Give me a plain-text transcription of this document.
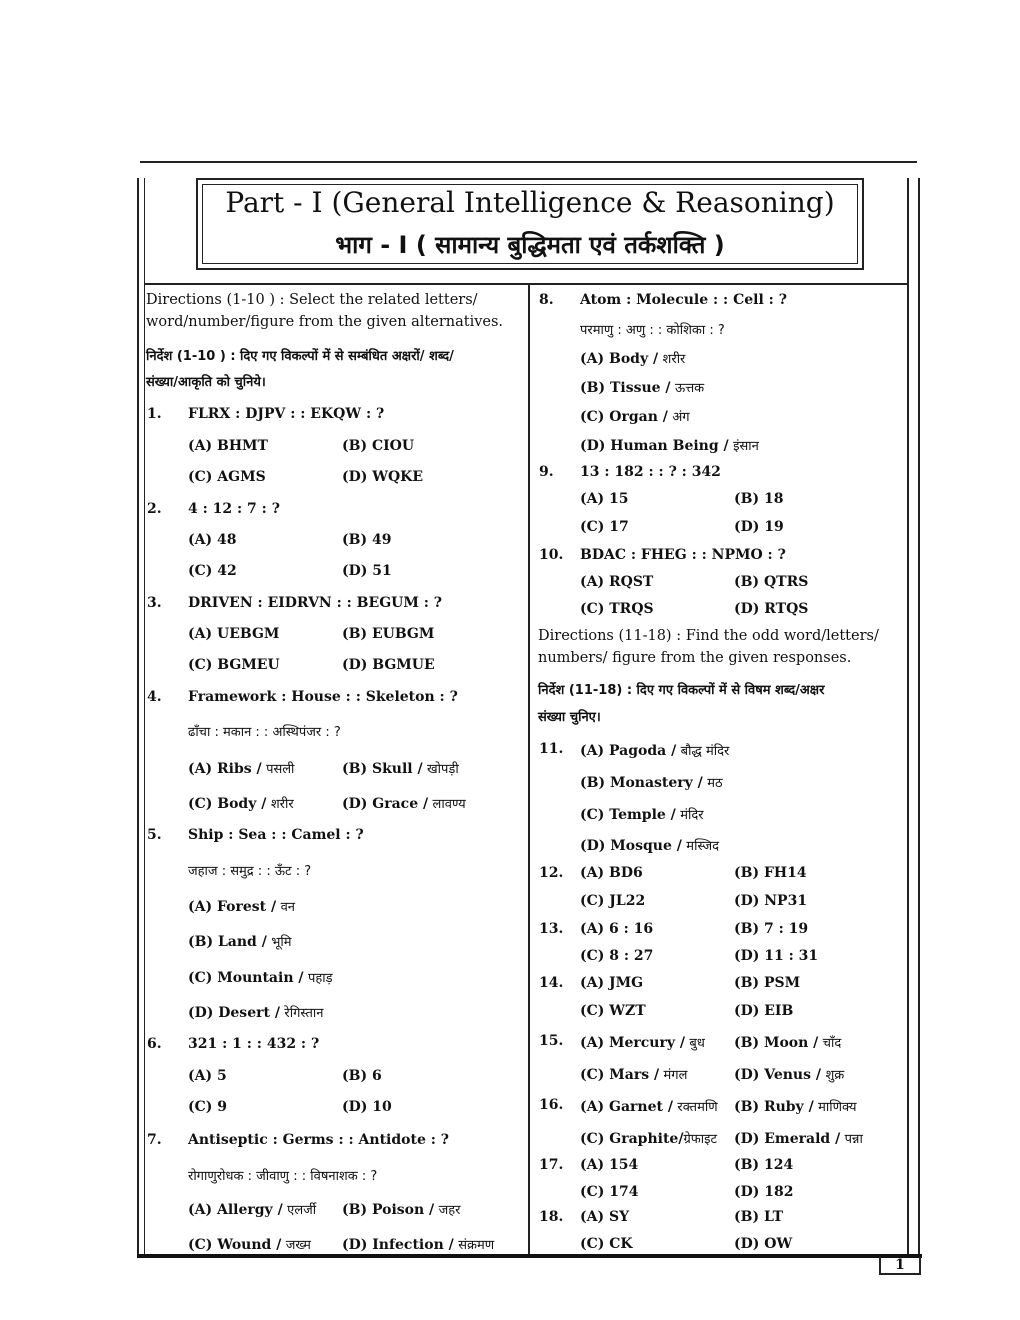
Part - I (General Intelligence & Reasoning)
भाग - I ( सामान्य बुद्धिमता एवं तर्कशक्ति )
1
Directions (1-10 ) : Select the related letters/
word/number/figure from the given alternatives.
निर्देश (1-10 ) : दिए गए विकल्पों में से सम्बंधित अक्षरों/ शब्द/
संख्या/आकृति को चुनिये।
1. FLRX : DJPV : : EKQW : ?
(A) BHMT	(B) CIOU
(C) AGMS	(D) WQKE
2. 4 : 12 : 7 : ?
(A) 48	(B) 49
(C) 42	(D) 51
3. DRIVEN : EIDRVN : : BEGUM : ?
(A) UEBGM	(B) EUBGM
(C) BGMEU	(D) BGMUE
4. Framework : House : : Skeleton : ?
ढाँचा : मकान : : अस्थिपंजर : ?
(A) Ribs / पसली	(B) Skull / खोपड़ी
(C) Body / शरीर	(D) Grace / लावण्य
5. Ship : Sea : : Camel : ?
जहाज : समुद्र : : ऊँट : ?
(A) Forest / वन
(B) Land / भूमि
(C) Mountain / पहाड़
(D) Desert / रेगिस्तान
6. 321 : 1 : : 432 : ?
(A) 5	(B) 6
(C) 9	(D) 10
7. Antiseptic : Germs : : Antidote : ?
रोगाणुरोधक : जीवाणु : : विषनाशक : ?
(A) Allergy / एलर्जी (B) Poison / जहर
(C) Wound / जख्म (D) Infection / संक्रमण
8. Atom : Molecule : : Cell : ?
परमाणु : अणु : : कोशिका : ?
(A) Body / शरीर
(B) Tissue / ऊत्तक
(C) Organ / अंग
(D) Human Being / इंसान
9. 13 : 182 : : ? : 342
(A) 15	(B) 18
(C) 17	(D) 19
10. BDAC : FHEG : : NPMO : ?
(A) RQST	(B) QTRS
(C) TRQS	(D) RTQS
Directions (11-18) : Find the odd word/letters/
numbers/ figure from the given responses.
निर्देश (11-18) : दिए गए विकल्पों में से विषम शब्द/अक्षर
संख्या चुनिए।
11. (A) Pagoda / बौद्ध मंदिर
(B) Monastery / मठ
(C) Temple / मंदिर
(D) Mosque / मस्जिद
12. (A) BD6	(B) FH14
(C) JL22	(D) NP31
13. (A) 6 : 16	(B) 7 : 19
(C) 8 : 27	(D) 11 : 31
14. (A) JMG	(B) PSM
(C) WZT	(D) EIB
15. (A) Mercury / बुध (B) Moon / चाँद
(C) Mars / मंगल	(D) Venus / शुक्र
16. (A) Garnet / रक्तमणि (B) Ruby / माणिक्य
(C) Graphite/ग्रेफाइट (D) Emerald / पन्ना
17. (A) 154	(B) 124
(C) 174	(D) 182
18. (A) SY	(B) LT
(C) CK	(D) OW
